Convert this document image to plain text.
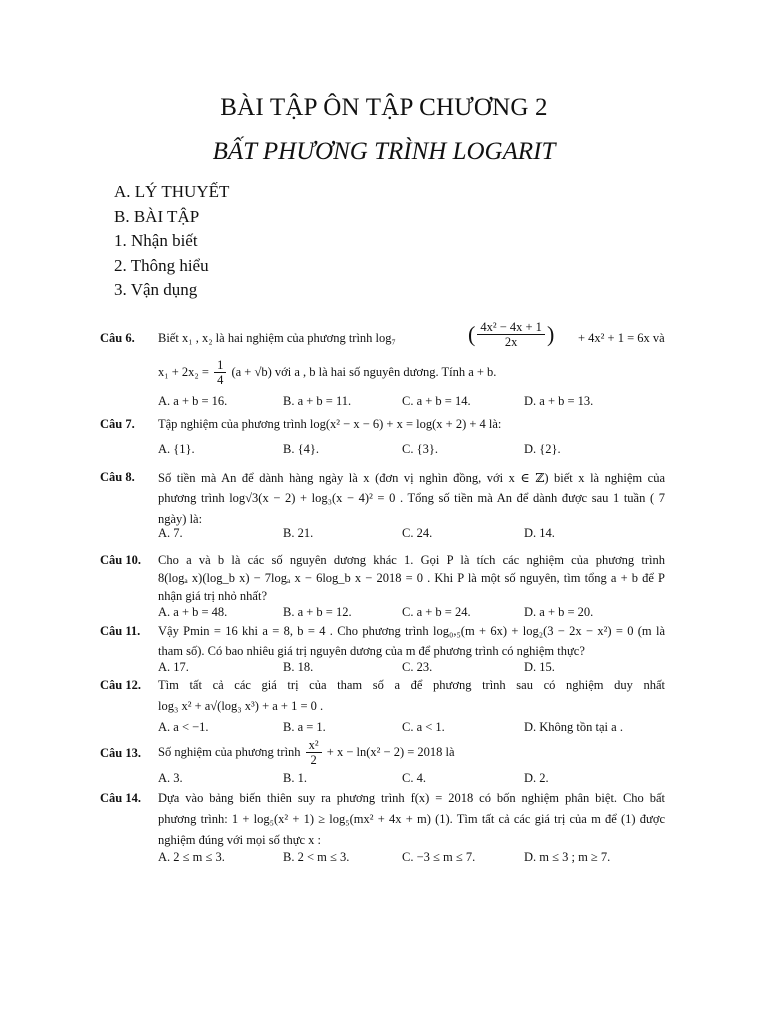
BÀI TẬP ÔN TẬP CHƯƠNG 2
BẤT PHƯƠNG TRÌNH LOGARIT
A. LÝ THUYẾT
B. BÀI TẬP
1. Nhận biết
2. Thông hiểu
3. Vận dụng
Câu 6. Biết x₁ , x₂ là hai nghiệm của phương trình log₇	( $\frac{\text{4x² − 4x + 1}}{2x}$ ) + 4x² + 1 = 6x và
$x_1 + 2x_2 = \frac{1}{4} (a + √b)$ với a , b là hai số nguyên dương. Tính a + b.
A. a + b = 16.	B. a + b = 11.	C. a + b = 14.	D. a + b = 13.
Câu 7. Tập nghiệm của phương trình log(x² − x − 6) + x = log(x + 2) + 4 là:
A. {1}.	B. {4}.	C. {3}.	D. {2}.
Câu 8. Số tiền mà An để dành hàng ngày là x (đơn vị nghìn đồng, với x ∈ ℤ) biết x là nghiệm của
phương trình log√3(x − 2) + log₃(x − 4)² = 0 . Tổng số tiền mà An để dành được sau 1 tuần ( 7
ngày) là:
A. 7.	B. 21.	C. 24.	D. 14.
Câu 10. Cho a và b là các số nguyên dương khác 1. Gọi P là tích các nghiệm của phương trình
8(logₐ x)(log_b x) − 7logₐ x − 6log_b x − 2018 = 0 . Khi P là một số nguyên, tìm tổng a + b để P
nhận giá trị nhỏ nhất?
A. a + b = 48.	B. a + b = 12.	C. a + b = 24.	D. a + b = 20.
Câu 11. Vậy Pmin = 16 khi a = 8, b = 4 . Cho phương trình log₀,₅(m + 6x) + log₂(3 − 2x − x²) = 0 (m là
tham số). Có bao nhiêu giá trị nguyên dương của m để phương trình có nghiệm thực?
A. 17.	B. 18.	C. 23.	D. 15.
Câu 12. Tìm tất cả các giá trị của tham số a để phương trình sau có nghiệm duy nhất
log₃ x² + a√(log₃ x³) + a + 1 = 0 .
A. a < −1.	B. a = 1.	C. a < 1.	D. Không tồn tại a .
Câu 13. Số nghiệm của phương trình $\frac{\text{x²}}{2} + x - \ln(x^2 - 2) = 2018$ là
A. 3.	B. 1.	C. 4.	D. 2.
Câu 14. Dựa vào bảng biến thiên suy ra phương trình f(x) = 2018 có bốn nghiệm phân biệt. Cho bất
phương trình: 1 + log₅(x² + 1) ≥ log₅(mx² + 4x + m) (1). Tìm tất cả các giá trị của m để (1) được
nghiệm đúng với mọi số thực x :
A. 2 ≤ m ≤ 3.	B. 2 < m ≤ 3.	C. −3 ≤ m ≤ 7.	D. m ≤ 3 ; m ≥ 7.
